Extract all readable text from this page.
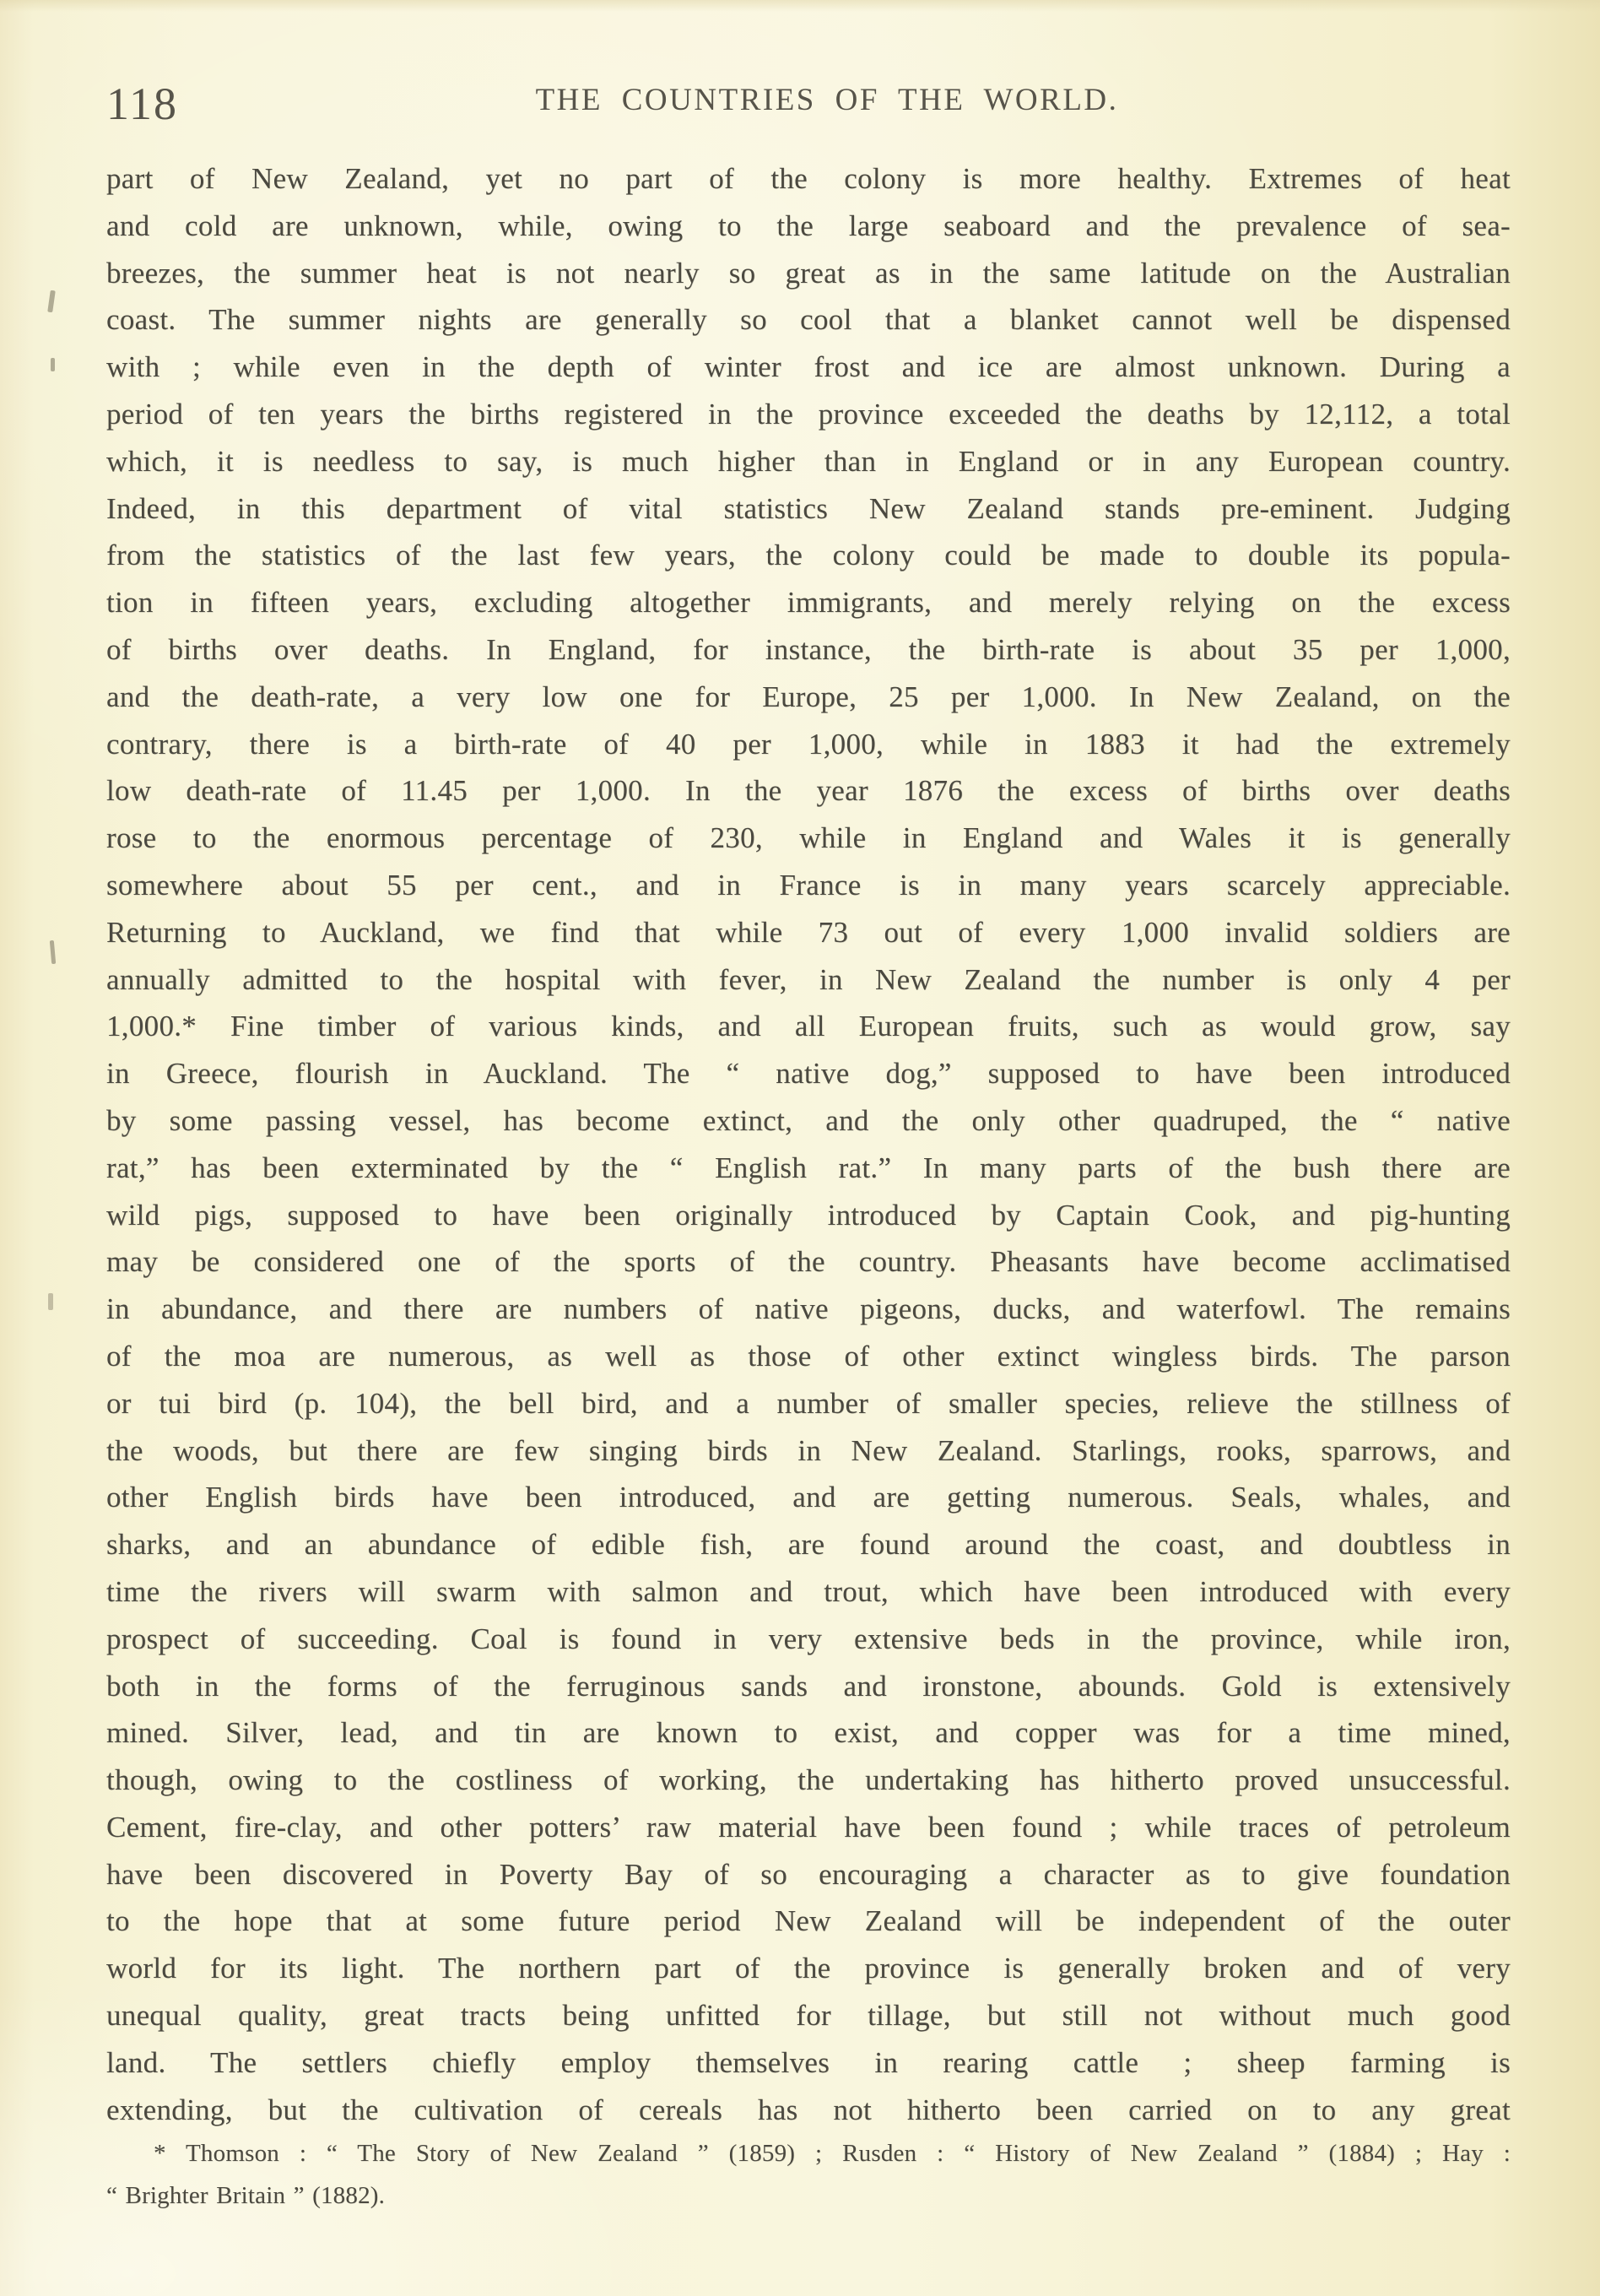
118	THE COUNTRIES OF THE WORLD.
part of New Zealand, yet no part of the colony is more healthy. Extremes of heat
and cold are unknown, while, owing to the large seaboard and the prevalence of sea-
breezes, the summer heat is not nearly so great as in the same latitude on the Australian
coast. The summer nights are generally so cool that a blanket cannot well be dispensed
with ; while even in the depth of winter frost and ice are almost unknown. During a
period of ten years the births registered in the province exceeded the deaths by 12,112, a total
which, it is needless to say, is much higher than in England or in any European country.
Indeed, in this department of vital statistics New Zealand stands pre-eminent. Judging
from the statistics of the last few years, the colony could be made to double its popula-
tion in fifteen years, excluding altogether immigrants, and merely relying on the excess
of births over deaths. In England, for instance, the birth-rate is about 35 per 1,000,
and the death-rate, a very low one for Europe, 25 per 1,000. In New Zealand, on the
contrary, there is a birth-rate of 40 per 1,000, while in 1883 it had the extremely
low death-rate of 11.45 per 1,000. In the year 1876 the excess of births over deaths
rose to the enormous percentage of 230, while in England and Wales it is generally
somewhere about 55 per cent., and in France is in many years scarcely appreciable.
Returning to Auckland, we find that while 73 out of every 1,000 invalid soldiers are
annually admitted to the hospital with fever, in New Zealand the number is only 4 per
1,000.* Fine timber of various kinds, and all European fruits, such as would grow, say
in Greece, flourish in Auckland. The “ native dog,” supposed to have been introduced
by some passing vessel, has become extinct, and the only other quadruped, the “ native
rat,” has been exterminated by the “ English rat.” In many parts of the bush there are
wild pigs, supposed to have been originally introduced by Captain Cook, and pig-hunting
may be considered one of the sports of the country. Pheasants have become acclimatised
in abundance, and there are numbers of native pigeons, ducks, and waterfowl. The remains
of the moa are numerous, as well as those of other extinct wingless birds. The parson
or tui bird (p. 104), the bell bird, and a number of smaller species, relieve the stillness of
the woods, but there are few singing birds in New Zealand. Starlings, rooks, sparrows, and
other English birds have been introduced, and are getting numerous. Seals, whales, and
sharks, and an abundance of edible fish, are found around the coast, and doubtless in
time the rivers will swarm with salmon and trout, which have been introduced with every
prospect of succeeding. Coal is found in very extensive beds in the province, while iron,
both in the forms of the ferruginous sands and ironstone, abounds. Gold is extensively
mined. Silver, lead, and tin are known to exist, and copper was for a time mined,
though, owing to the costliness of working, the undertaking has hitherto proved unsuccessful.
Cement, fire-clay, and other potters’ raw material have been found ; while traces of petroleum
have been discovered in Poverty Bay of so encouraging a character as to give foundation
to the hope that at some future period New Zealand will be independent of the outer
world for its light. The northern part of the province is generally broken and of very
unequal quality, great tracts being unfitted for tillage, but still not without much good
land. The settlers chiefly employ themselves in rearing cattle ; sheep farming is
extending, but the cultivation of cereals has not hitherto been carried on to any great
* Thomson : “ The Story of New Zealand ” (1859) ; Rusden : “ History of New Zealand ” (1884) ; Hay :
“ Brighter Britain ” (1882).
